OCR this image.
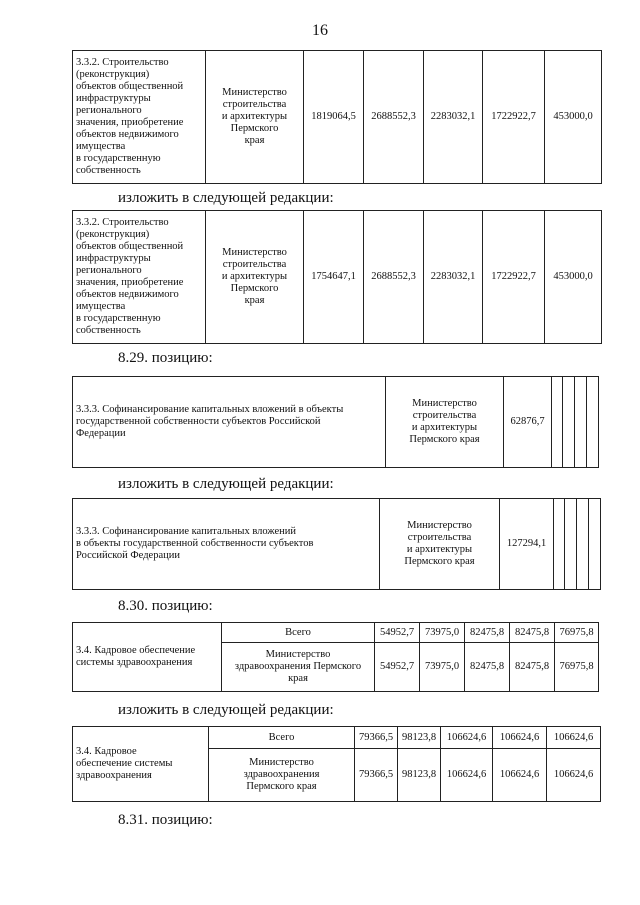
16
3.3.2. Строительство
(реконструкция)
объектов общественной
инфраструктуры
регионального
значения, приобретение
объектов недвижимого
имущества
в государственную
собственность	Министерство
строительства
и архитектуры
Пермского
края	1819064,5	2688552,3	2283032,1	1722922,7	453000,0
изложить в следующей редакции:
3.3.2. Строительство
(реконструкция)
объектов общественной
инфраструктуры
регионального
значения, приобретение
объектов недвижимого
имущества
в государственную
собственность	Министерство
строительства
и архитектуры
Пермского
края	1754647,1	2688552,3	2283032,1	1722922,7	453000,0
8.29. позицию:
3.3.3. Софинансирование капитальных вложений в объекты
государственной собственности субъектов Российской
Федерации	Министерство
строительства
и архитектуры
Пермского края	62876,7				
изложить в следующей редакции:
3.3.3. Софинансирование капитальных вложений
в объекты государственной собственности субъектов
Российской Федерации	Министерство
строительства
и архитектуры
Пермского края	127294,1				
8.30. позицию:
3.4. Кадровое обеспечение
системы здравоохранения	Всего	54952,7	73975,0	82475,8	82475,8	76975,8
	Министерство
здравоохранения Пермского
края	54952,7	73975,0	82475,8	82475,8	76975,8
изложить в следующей редакции:
3.4. Кадровое
обеспечение системы
здравоохранения	Всего	79366,5	98123,8	106624,6	106624,6	106624,6
	Министерство
здравоохранения
Пермского края	79366,5	98123,8	106624,6	106624,6	106624,6
8.31. позицию:
